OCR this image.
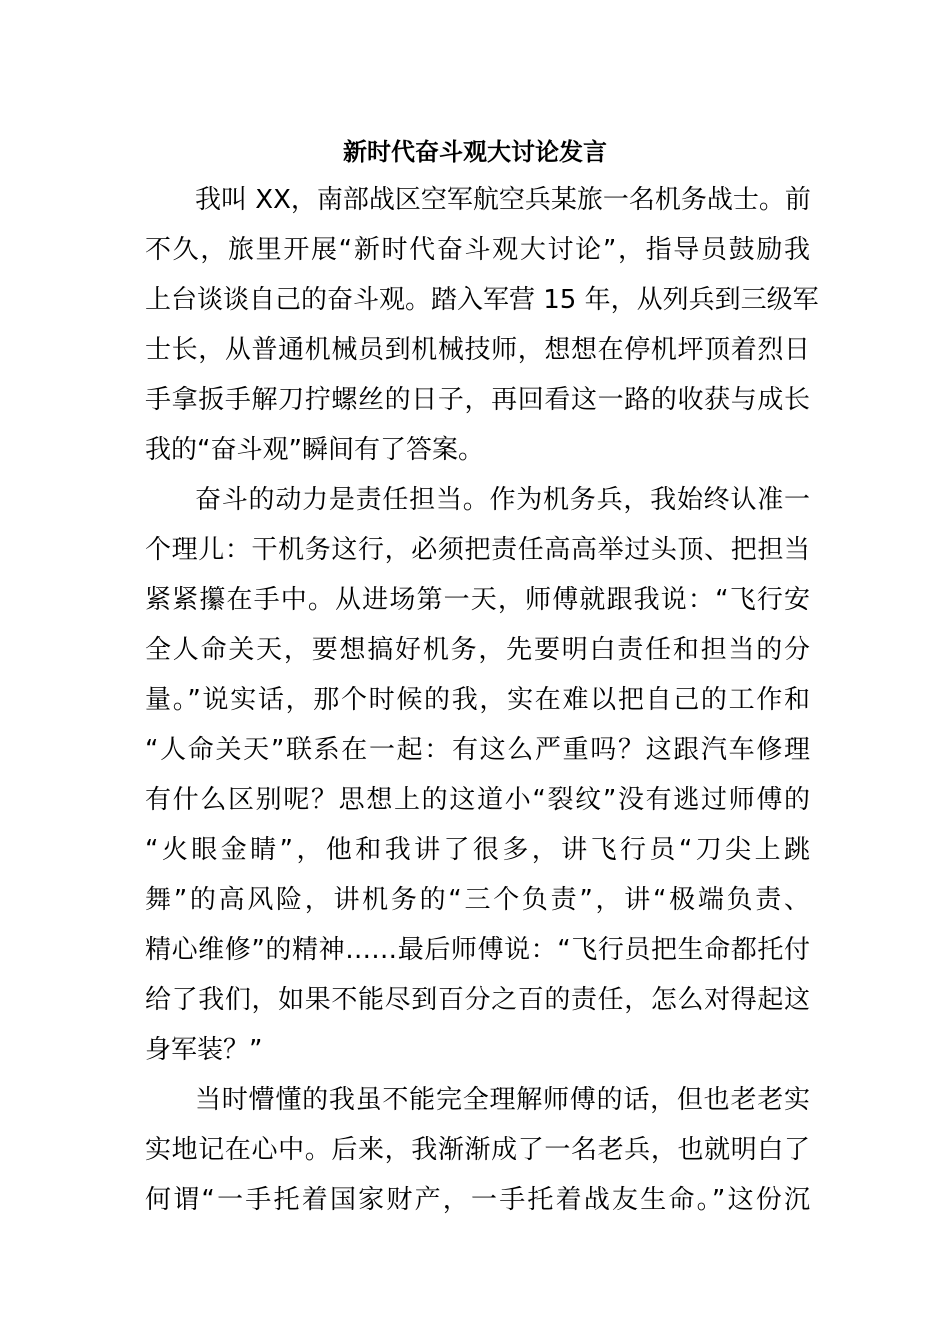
新时代奋斗观大讨论发言
我叫 XX，南部战区空军航空兵某旅一名机务战士。前
不久，旅里开展“新时代奋斗观大讨论”，指导员鼓励我
上台谈谈自己的奋斗观。踏入军营 15 年，从列兵到三级军
士长，从普通机械员到机械技师，想想在停机坪顶着烈日
手拿扳手解刀拧螺丝的日子，再回看这一路的收获与成长
我的“奋斗观”瞬间有了答案。
奋斗的动力是责任担当。作为机务兵，我始终认准一
个理儿：干机务这行，必须把责任高高举过头顶、把担当
紧紧攥在手中。从进场第一天，师傅就跟我说：“飞行安
全人命关天，要想搞好机务，先要明白责任和担当的分
量。”说实话，那个时候的我，实在难以把自己的工作和
“人命关天”联系在一起：有这么严重吗？这跟汽车修理
有什么区别呢？思想上的这道小“裂纹”没有逃过师傅的
“火眼金睛”，他和我讲了很多，讲飞行员“刀尖上跳
舞”的高风险，讲机务的“三个负责”，讲“极端负责、
精心维修”的精神……最后师傅说：“飞行员把生命都托付
给了我们，如果不能尽到百分之百的责任，怎么对得起这
身军装？”
当时懵懂的我虽不能完全理解师傅的话，但也老老实
实地记在心中。后来，我渐渐成了一名老兵，也就明白了
何谓“一手托着国家财产，一手托着战友生命。”这份沉
